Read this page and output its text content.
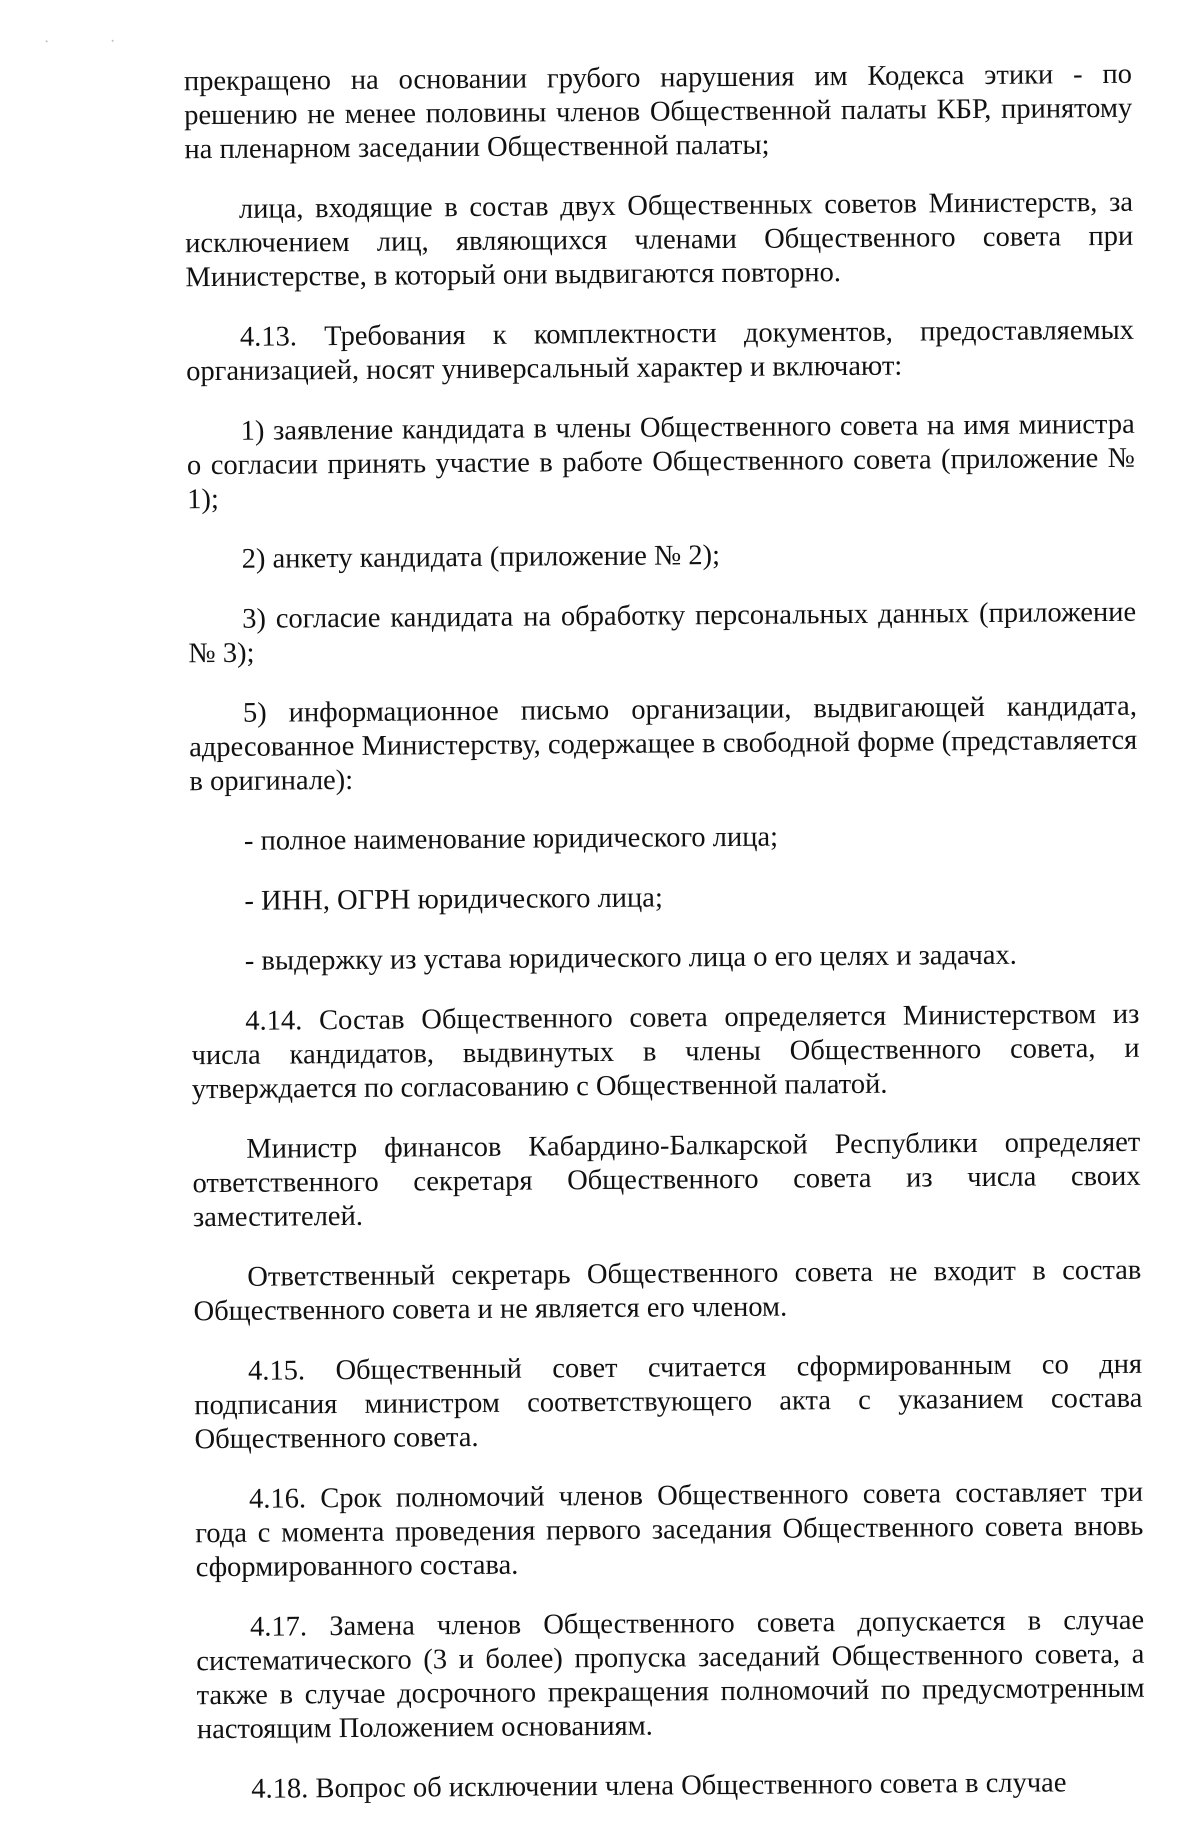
прекращено на основании грубого нарушения им Кодекса этики - по решению не менее половины членов Общественной палаты КБР, принятому на пленарном заседании Общественной палаты;

лица, входящие в состав двух Общественных советов Министерств, за исключением лиц, являющихся членами Общественного совета при Министерстве, в который они выдвигаются повторно.

4.13. Требования к комплектности документов, предоставляемых организацией, носят универсальный характер и включают:

1) заявление кандидата в члены Общественного совета на имя министра о согласии принять участие в работе Общественного совета (приложение № 1);

2) анкету кандидата (приложение № 2);

3) согласие кандидата на обработку персональных данных (приложение № 3);

5) информационное письмо организации, выдвигающей кандидата, адресованное Министерству, содержащее в свободной форме (представляется в оригинале):

- полное наименование юридического лица;

- ИНН, ОГРН юридического лица;

- выдержку из устава юридического лица о его целях и задачах.

4.14. Состав Общественного совета определяется Министерством из числа кандидатов, выдвинутых в члены Общественного совета, и утверждается по согласованию с Общественной палатой.

Министр финансов Кабардино-Балкарской Республики определяет ответственного секретаря Общественного совета из числа своих заместителей.

Ответственный секретарь Общественного совета не входит в состав Общественного совета и не является его членом.

4.15. Общественный совет считается сформированным со дня подписания министром соответствующего акта с указанием состава Общественного совета.

4.16. Срок полномочий членов Общественного совета составляет три года с момента проведения первого заседания Общественного совета вновь сформированного состава.

4.17. Замена членов Общественного совета допускается в случае систематического (3 и более) пропуска заседаний Общественного совета, а также в случае досрочного прекращения полномочий по предусмотренным настоящим Положением основаниям.

4.18. Вопрос об исключении члена Общественного совета в случае
